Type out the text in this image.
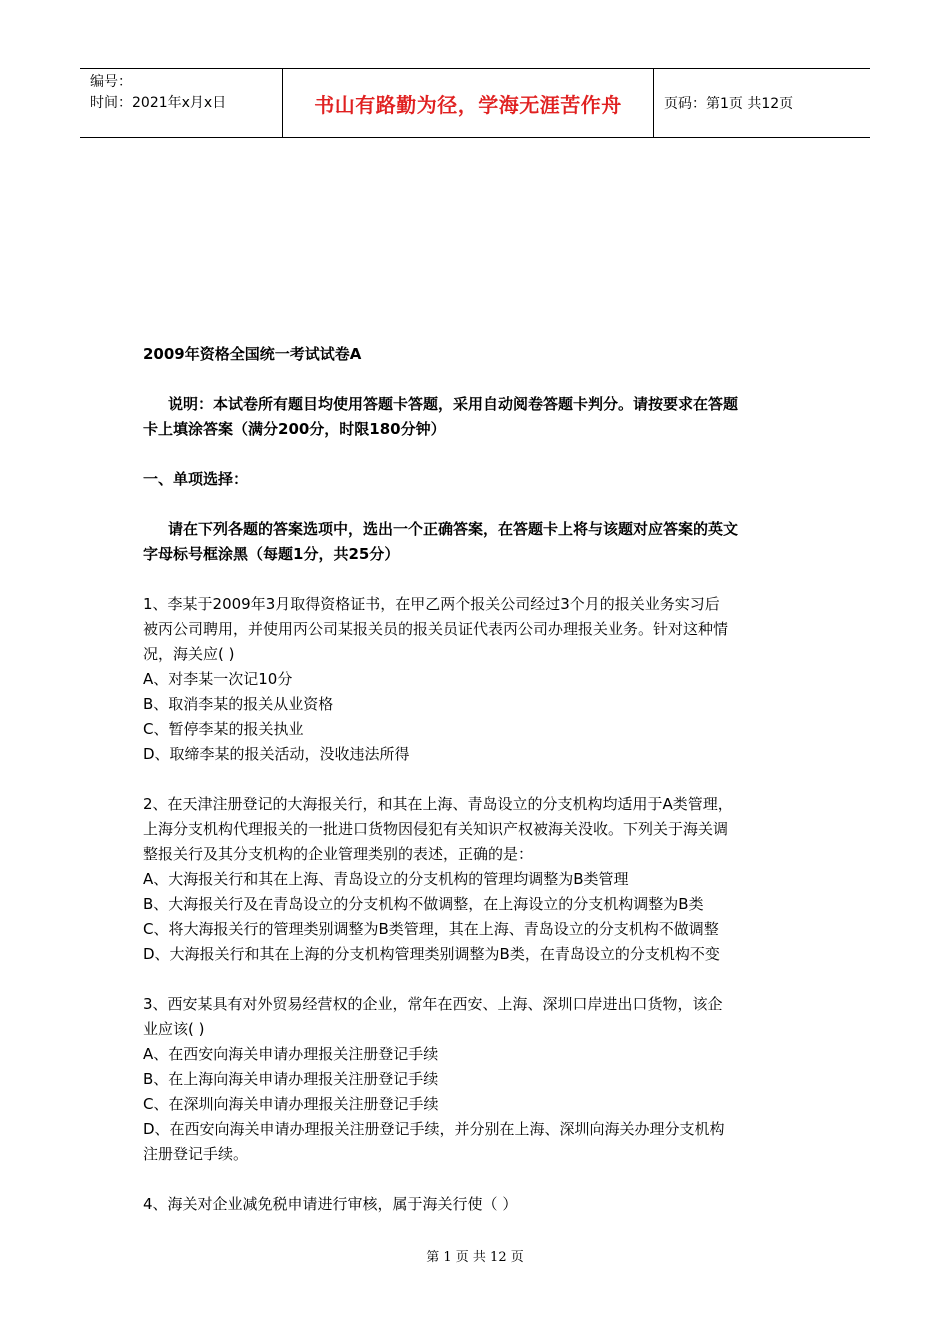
编号：
时间：2021年x月x日	书山有路勤为径，学海无涯苦作舟	页码：第1页 共12页
2009年资格全国统一考试试卷A
说明：本试卷所有题目均使用答题卡答题，采用自动阅卷答题卡判分。请按要求在答题
卡上填涂答案（满分200分，时限180分钟）
一、单项选择：
请在下列各题的答案选项中，选出一个正确答案，在答题卡上将与该题对应答案的英文
字母标号框涂黑（每题1分，共25分）
1、李某于2009年3月取得资格证书，在甲乙两个报关公司经过3个月的报关业务实习后
被丙公司聘用，并使用丙公司某报关员的报关员证代表丙公司办理报关业务。针对这种情
况，海关应( )
A、对李某一次记10分
B、取消李某的报关从业资格
C、暂停李某的报关执业
D、取缔李某的报关活动，没收违法所得
2、在天津注册登记的大海报关行，和其在上海、青岛设立的分支机构均适用于A类管理，
上海分支机构代理报关的一批进口货物因侵犯有关知识产权被海关没收。下列关于海关调
整报关行及其分支机构的企业管理类别的表述，正确的是：
A、大海报关行和其在上海、青岛设立的分支机构的管理均调整为B类管理
B、大海报关行及在青岛设立的分支机构不做调整，在上海设立的分支机构调整为B类
C、将大海报关行的管理类别调整为B类管理，其在上海、青岛设立的分支机构不做调整
D、大海报关行和其在上海的分支机构管理类别调整为B类，在青岛设立的分支机构不变
3、西安某具有对外贸易经营权的企业，常年在西安、上海、深圳口岸进出口货物，该企
业应该( )
A、在西安向海关申请办理报关注册登记手续
B、在上海向海关申请办理报关注册登记手续
C、在深圳向海关申请办理报关注册登记手续
D、在西安向海关申请办理报关注册登记手续，并分别在上海、深圳向海关办理分支机构
注册登记手续。
4、海关对企业减免税申请进行审核，属于海关行使（ ）
第 1 页 共 12 页
